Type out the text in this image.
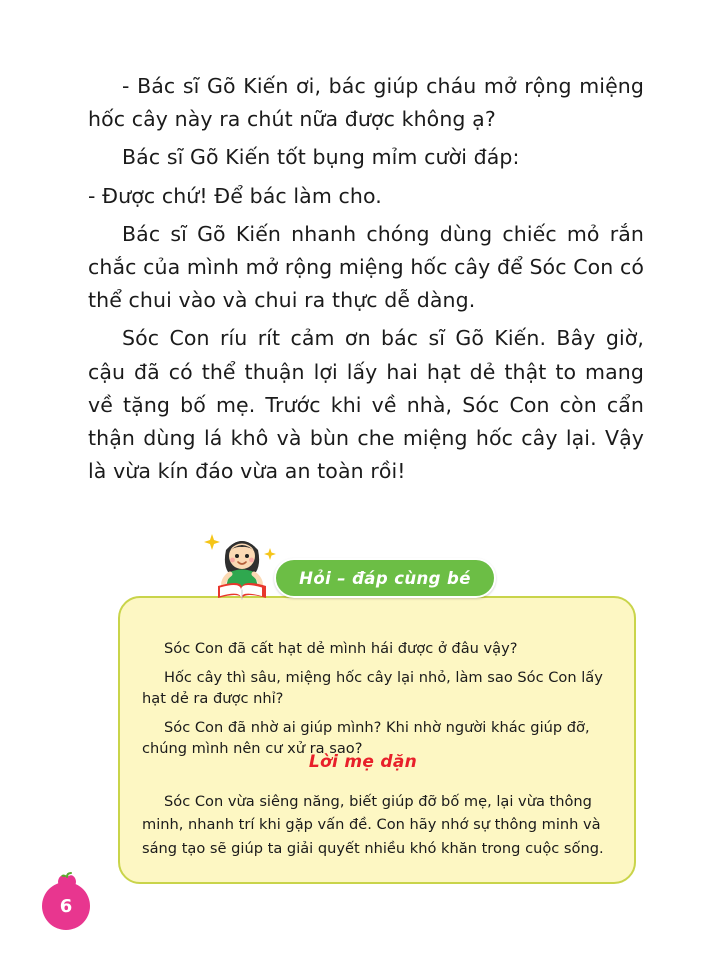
- Bác sĩ Gõ Kiến ơi, bác giúp cháu mở rộng miệng hốc cây này ra chút nữa được không ạ?

Bác sĩ Gõ Kiến tốt bụng mỉm cười đáp:

- Được chứ! Để bác làm cho.

Bác sĩ Gõ Kiến nhanh chóng dùng chiếc mỏ rắn chắc của mình mở rộng miệng hốc cây để Sóc Con có thể chui vào và chui ra thực dễ dàng.

Sóc Con ríu rít cảm ơn bác sĩ Gõ Kiến. Bây giờ, cậu đã có thể thuận lợi lấy hai hạt dẻ thật to mang về tặng bố mẹ. Trước khi về nhà, Sóc Con còn cẩn thận dùng lá khô và bùn che miệng hốc cây lại. Vậy là vừa kín đáo vừa an toàn rồi!

Hỏi – đáp cùng bé

Sóc Con đã cất hạt dẻ mình hái được ở đâu vậy?

Hốc cây thì sâu, miệng hốc cây lại nhỏ, làm sao Sóc Con lấy hạt dẻ ra được nhỉ?

Sóc Con đã nhờ ai giúp mình? Khi nhờ người khác giúp đỡ, chúng mình nên cư xử ra sao?

Lời mẹ dặn

Sóc Con vừa siêng năng, biết giúp đỡ bố mẹ, lại vừa thông minh, nhanh trí khi gặp vấn đề. Con hãy nhớ sự thông minh và sáng tạo sẽ giúp ta giải quyết nhiều khó khăn trong cuộc sống.

6
